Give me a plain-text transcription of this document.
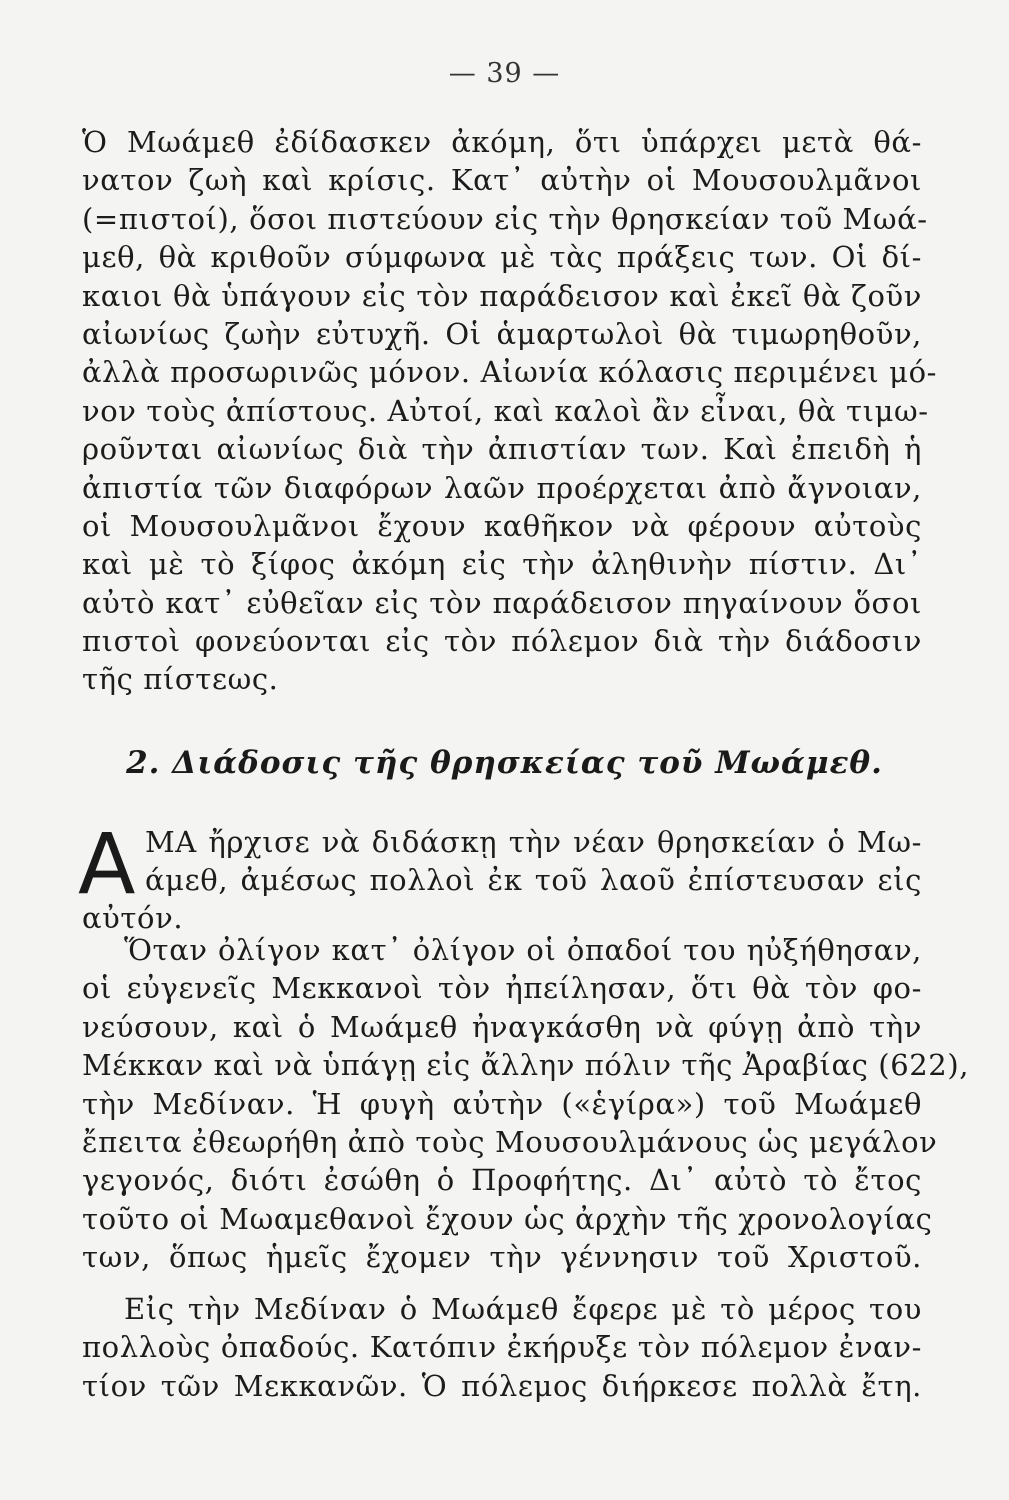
— 39 —
Ὁ Μωάμεθ ἐδίδασκεν ἀκόμη, ὅτι ὑπάρχει μετὰ θά-
νατον ζωὴ καὶ κρίσις. Κατ᾽ αὐτὴν οἱ Μουσουλμᾶνοι
(=πιστοί), ὅσοι πιστεύουν εἰς τὴν θρησκείαν τοῦ Μωά-
μεθ, θὰ κριθοῦν σύμφωνα μὲ τὰς πράξεις των. Οἱ δί-
καιοι θὰ ὑπάγουν εἰς τὸν παράδεισον καὶ ἐκεῖ θὰ ζοῦν
αἰωνίως ζωὴν εὐτυχῆ. Οἱ ἁμαρτωλοὶ θὰ τιμωρηθοῦν,
ἀλλὰ προσωρινῶς μόνον. Αἰωνία κόλασις περιμένει μό-
νον τοὺς ἀπίστους. Αὐτοί, καὶ καλοὶ ἂν εἶναι, θὰ τιμω-
ροῦνται αἰωνίως διὰ τὴν ἀπιστίαν των. Καὶ ἐπειδὴ ἡ
ἀπιστία τῶν διαφόρων λαῶν προέρχεται ἀπὸ ἄγνοιαν,
οἱ Μουσουλμᾶνοι ἔχουν καθῆκον νὰ φέρουν αὐτοὺς
καὶ μὲ τὸ ξίφος ἀκόμη εἰς τὴν ἀληθινὴν πίστιν. Δι᾽
αὐτὸ κατ᾽ εὐθεῖαν εἰς τὸν παράδεισον πηγαίνουν ὅσοι
πιστοὶ φονεύονται εἰς τὸν πόλεμον διὰ τὴν διάδοσιν
τῆς πίστεως.
2. Διάδοσις τῆς θρησκείας τοῦ Μωάμεθ.
Α ΜΑ ἤρχισε νὰ διδάσκῃ τὴν νέαν θρησκείαν ὁ Μω-
άμεθ, ἀμέσως πολλοὶ ἐκ τοῦ λαοῦ ἐπίστευσαν εἰς
αὐτόν.
Ὅταν ὀλίγον κατ᾽ ὀλίγον οἱ ὀπαδοί του ηὐξήθησαν,
οἱ εὐγενεῖς Μεκκανοὶ τὸν ἠπείλησαν, ὅτι θὰ τὸν φο-
νεύσουν, καὶ ὁ Μωάμεθ ἠναγκάσθη νὰ φύγῃ ἀπὸ τὴν
Μέκκαν καὶ νὰ ὑπάγῃ εἰς ἄλλην πόλιν τῆς Ἀραβίας (622),
τὴν Μεδίναν. Ἡ φυγὴ αὐτὴν («ἑγίρα») τοῦ Μωάμεθ
ἔπειτα ἐθεωρήθη ἀπὸ τοὺς Μουσουλμάνους ὡς μεγάλον
γεγονός, διότι ἐσώθη ὁ Προφήτης. Δι᾽ αὐτὸ τὸ ἔτος
τοῦτο οἱ Μωαμεθανοὶ ἔχουν ὡς ἀρχὴν τῆς χρονολογίας
των, ὅπως ἡμεῖς ἔχομεν τὴν γέννησιν τοῦ Χριστοῦ.
Εἰς τὴν Μεδίναν ὁ Μωάμεθ ἔφερε μὲ τὸ μέρος του
πολλοὺς ὀπαδούς. Κατόπιν ἐκήρυξε τὸν πόλεμον ἐναν-
τίον τῶν Μεκκανῶν. Ὁ πόλεμος διήρκεσε πολλὰ ἔτη.
